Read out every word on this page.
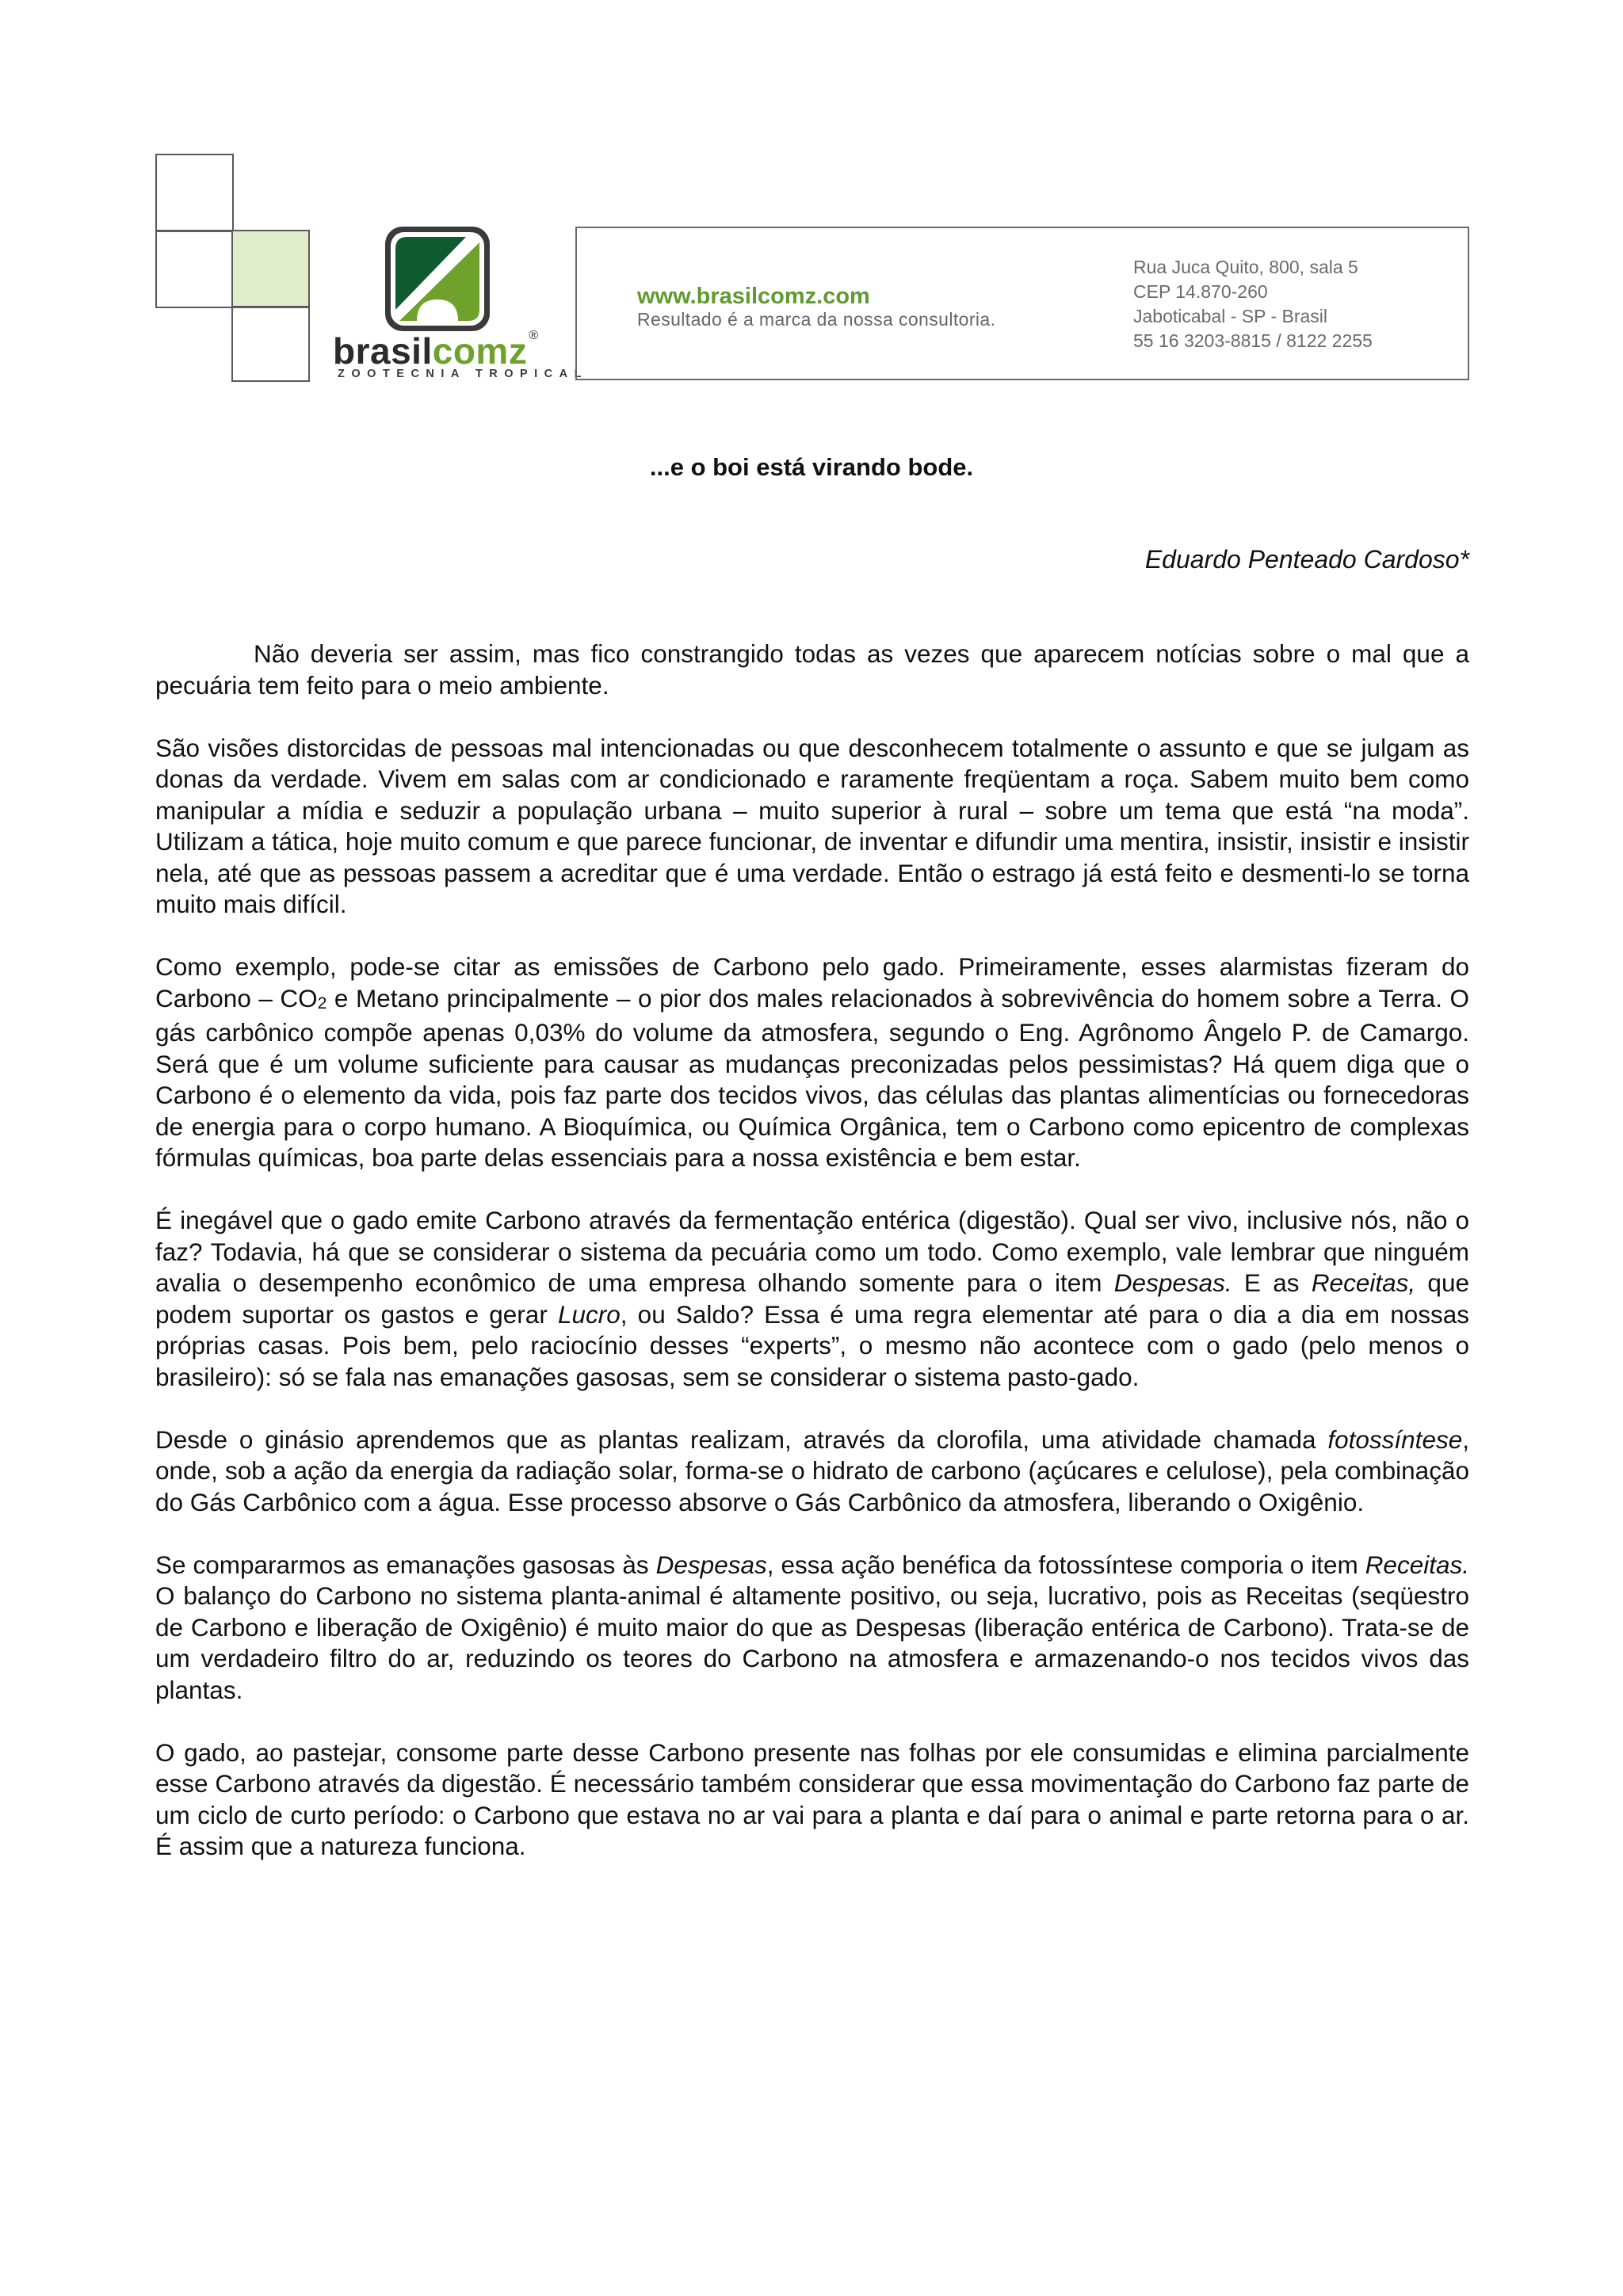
brasilcomz ®
ZOOTECNIA TROPICAL
www.brasilcomz.com
Resultado é a marca da nossa consultoria.
Rua Juca Quito, 800, sala 5
CEP 14.870-260
Jaboticabal - SP - Brasil
55 16 3203-8815 / 8122 2255
...e o boi está virando bode.
Eduardo Penteado Cardoso*

Não deveria ser assim, mas fico constrangido todas as vezes que aparecem notícias sobre o mal que a pecuária tem feito para o meio ambiente.

São visões distorcidas de pessoas mal intencionadas ou que desconhecem totalmente o assunto e que se julgam as donas da verdade. Vivem em salas com ar condicionado e raramente freqüentam a roça. Sabem muito bem como manipular a mídia e seduzir a população urbana – muito superior à rural – sobre um tema que está “na moda”. Utilizam a tática, hoje muito comum e que parece funcionar, de inventar e difundir uma mentira, insistir, insistir e insistir nela, até que as pessoas passem a acreditar que é uma verdade. Então o estrago já está feito e desmenti-lo se torna muito mais difícil.

Como exemplo, pode-se citar as emissões de Carbono pelo gado. Primeiramente, esses alarmistas fizeram do Carbono – $CO_2$ e Metano principalmente – o pior dos males relacionados à sobrevivência do homem sobre a Terra. O gás carbônico compõe apenas 0,03% do volume da atmosfera, segundo o Eng. Agrônomo Ângelo P. de Camargo. Será que é um volume suficiente para causar as mudanças preconizadas pelos pessimistas? Há quem diga que o Carbono é o elemento da vida, pois faz parte dos tecidos vivos, das células das plantas alimentícias ou fornecedoras de energia para o corpo humano. A Bioquímica, ou Química Orgânica, tem o Carbono como epicentro de complexas fórmulas químicas, boa parte delas essenciais para a nossa existência e bem estar.

É inegável que o gado emite Carbono através da fermentação entérica (digestão). Qual ser vivo, inclusive nós, não o faz? Todavia, há que se considerar o sistema da pecuária como um todo. Como exemplo, vale lembrar que ninguém avalia o desempenho econômico de uma empresa olhando somente para o item Despesas. E as Receitas, que podem suportar os gastos e gerar Lucro, ou Saldo? Essa é uma regra elementar até para o dia a dia em nossas próprias casas. Pois bem, pelo raciocínio desses “experts”, o mesmo não acontece com o gado (pelo menos o brasileiro): só se fala nas emanações gasosas, sem se considerar o sistema pasto-gado.

Desde o ginásio aprendemos que as plantas realizam, através da clorofila, uma atividade chamada fotossíntese, onde, sob a ação da energia da radiação solar, forma-se o hidrato de carbono (açúcares e celulose), pela combinação do Gás Carbônico com a água. Esse processo absorve o Gás Carbônico da atmosfera, liberando o Oxigênio.

Se compararmos as emanações gasosas às Despesas, essa ação benéfica da fotossíntese comporia o item Receitas. O balanço do Carbono no sistema planta-animal é altamente positivo, ou seja, lucrativo, pois as Receitas (seqüestro de Carbono e liberação de Oxigênio) é muito maior do que as Despesas (liberação entérica de Carbono). Trata-se de um verdadeiro filtro do ar, reduzindo os teores do Carbono na atmosfera e armazenando-o nos tecidos vivos das plantas.

O gado, ao pastejar, consome parte desse Carbono presente nas folhas por ele consumidas e elimina parcialmente esse Carbono através da digestão. É necessário também considerar que essa movimentação do Carbono faz parte de um ciclo de curto período: o Carbono que estava no ar vai para a planta e daí para o animal e parte retorna para o ar. É assim que a natureza funciona.
